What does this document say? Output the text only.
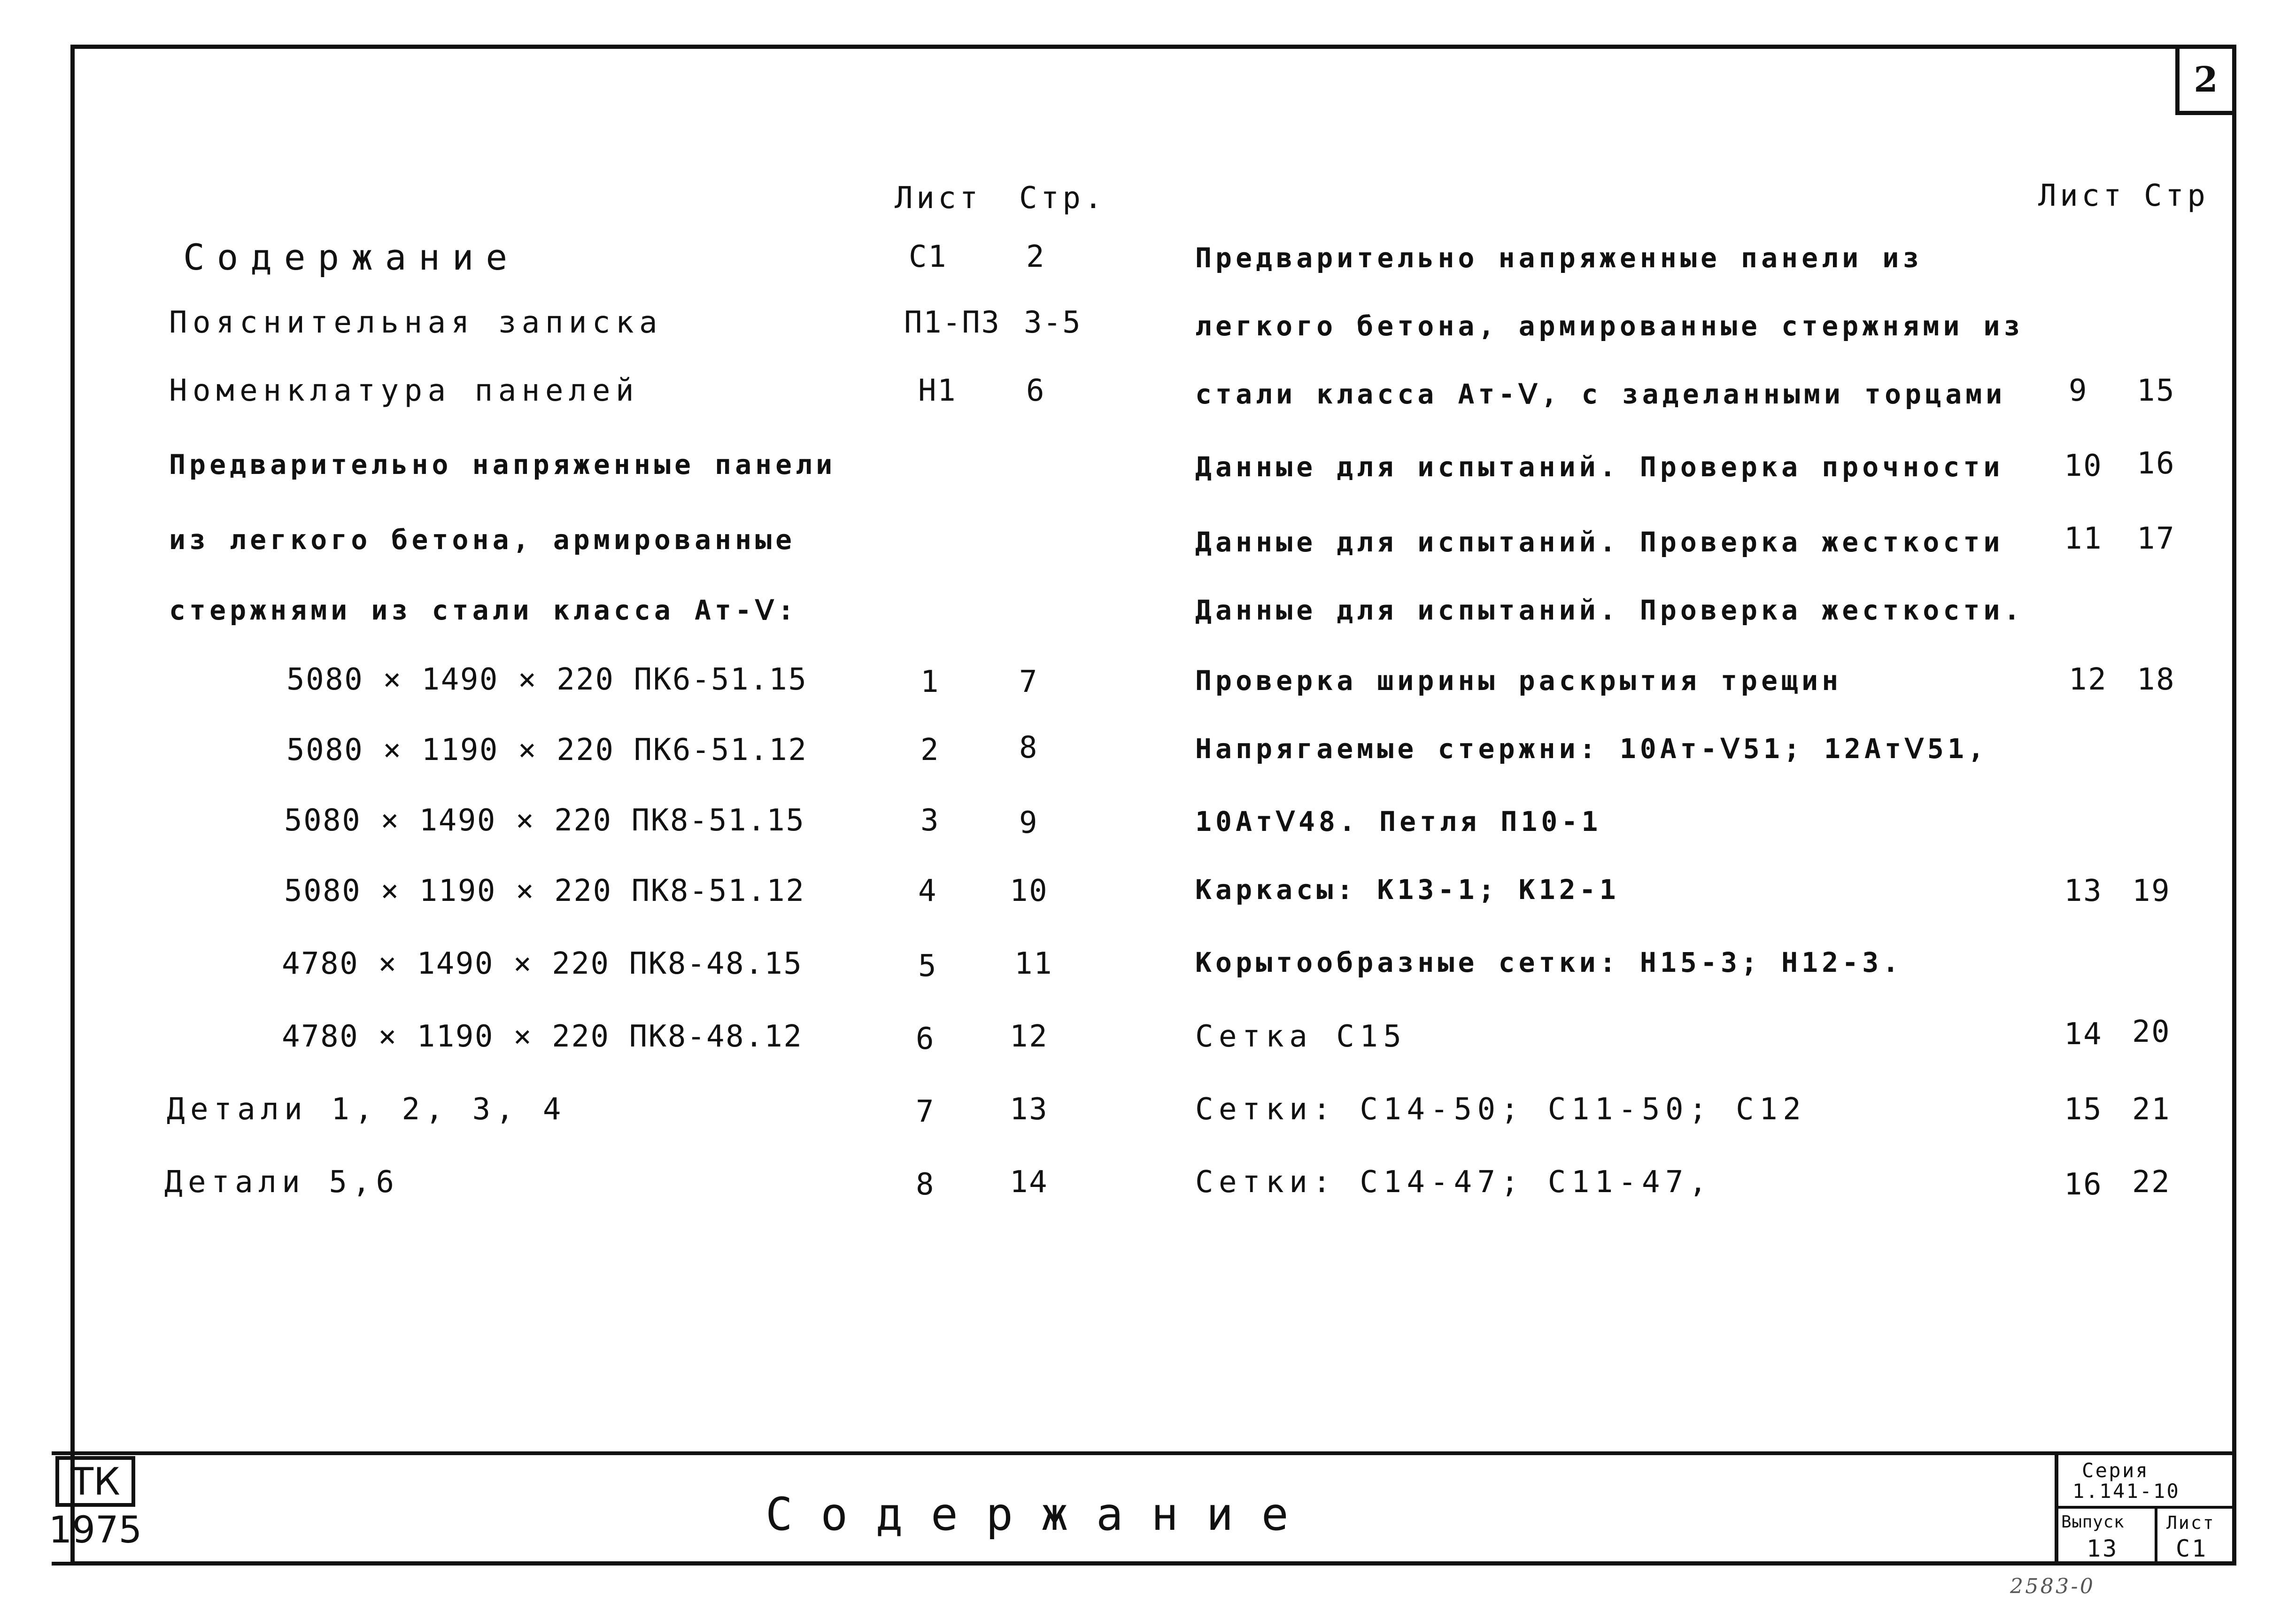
2
Лист Стр.
Содержание	С1	2
Пояснительная записка	П1-П3 3-5
Номенклатура панелей	Н1 6
Предварительно напряженные панели
из легкого бетона, армированные
стержнями из стали класса Ат-Ⅴ:
5080 × 1490 × 220 ПК6-51.15	1	7
5080 × 1190 × 220 ПК6-51.12	2	8
5080 × 1490 × 220 ПК8-51.15	3	9
5080 × 1190 × 220 ПК8-51.12	4 10
4780 × 1490 × 220 ПК8-48.15	5	11
4780 × 1190 × 220 ПК8-48.12	6 12
Детали 1, 2, 3, 4	7 13
Детали 5,6	8 14
Лист Стр
Предварительно напряженные панели из
легкого бетона, армированные стержнями из
стали класса Ат-Ⅴ, с заделанными торцами 9 15
Данные для испытаний. Проверка прочности 10 16
Данные для испытаний. Проверка жесткости 11 17
Данные для испытаний. Проверка жесткости.
Проверка ширины раскрытия трещин	12 18
Напрягаемые стержни: 10Ат-Ⅴ51; 12АтⅤ51,
10АтⅤ48. Петля П10-1
Каркасы: К13-1; К12-1	13 19
Корытообразные сетки: Н15-3; Н12-3.
Сетка С15	14 20
Сетки: С14-50; С11-50; С12	15 21
Сетки: С14-47; С11-47,	16 22
ТК
1975	Содержание
Серия
1.141-10
Выпуск
13
Лист
С1
2583-0
